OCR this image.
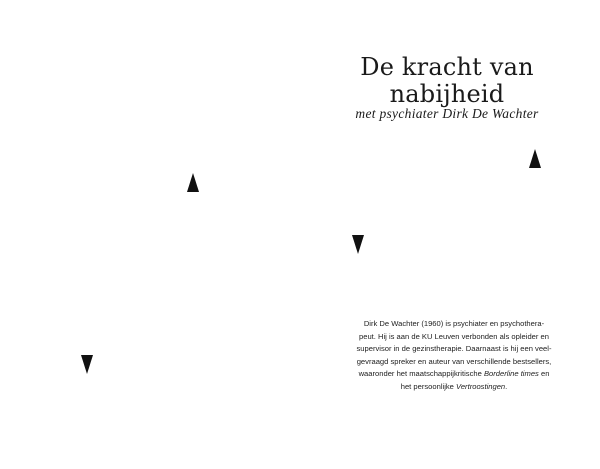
De kracht van
nabijheid
met psychiater Dirk De Wachter
Dirk De Wachter (1960) is psychiater en psychothera-
peut. Hij is aan de KU Leuven verbonden als opleider en
supervisor in de gezinstherapie. Daarnaast is hij een veel-
gevraagd spreker en auteur van verschillende bestsellers,
waaronder het maatschappijkritische Borderline times en
het persoonlijke Vertroostingen.
